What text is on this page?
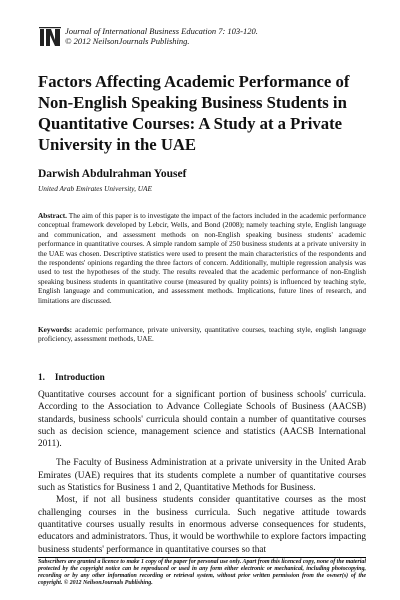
Journal of International Business Education 7: 103-120.
© 2012 NeilsonJournals Publishing.
Factors Affecting Academic Performance of Non-English Speaking Business Students in Quantitative Courses: A Study at a Private University in the UAE
Darwish Abdulrahman Yousef
United Arab Emirates University, UAE
Abstract. The aim of this paper is to investigate the impact of the factors included in the academic performance conceptual framework developed by Lebcir, Wells, and Bond (2008); namely teaching style, English language and communication, and assessment methods on non-English speaking business students' academic performance in quantitative courses. A simple random sample of 250 business students at a private university in the UAE was chosen. Descriptive statistics were used to present the main characteristics of the respondents and the respondents' opinions regarding the three factors of concern. Additionally, multiple regression analysis was used to test the hypotheses of the study. The results revealed that the academic performance of non-English speaking business students in quantitative course (measured by quality points) is influenced by teaching style, English language and communication, and assessment methods. Implications, future lines of research, and limitations are discussed.
Keywords: academic performance, private university, quantitative courses, teaching style, english language proficiency, assessment methods, UAE.
1. Introduction

Quantitative courses account for a significant portion of business schools' curricula. According to the Association to Advance Collegiate Schools of Business (AACSB) standards, business schools' curricula should contain a number of quantitative courses such as decision science, management science and statistics (AACSB International 2011).

The Faculty of Business Administration at a private university in the United Arab Emirates (UAE) requires that its students complete a number of quantitative courses such as Statistics for Business 1 and 2, Quantitative Methods for Business.

Most, if not all business students consider quantitative courses as the most challenging courses in the business curricula. Such negative attitude towards quantitative courses usually results in enormous adverse consequences for students, educators and administrators. Thus, it would be worthwhile to explore factors impacting business students' performance in quantitative courses so that

Subscribers are granted a licence to make 1 copy of the paper for personal use only. Apart from this licenced copy, none of the material protected by the copyright notice can be reproduced or used in any form either electronic or mechanical, including photocopying, recording or by any other information recording or retrieval system, without prior written permission from the owner(s) of the copyright. © 2012 NeilsonJournals Publishing.
